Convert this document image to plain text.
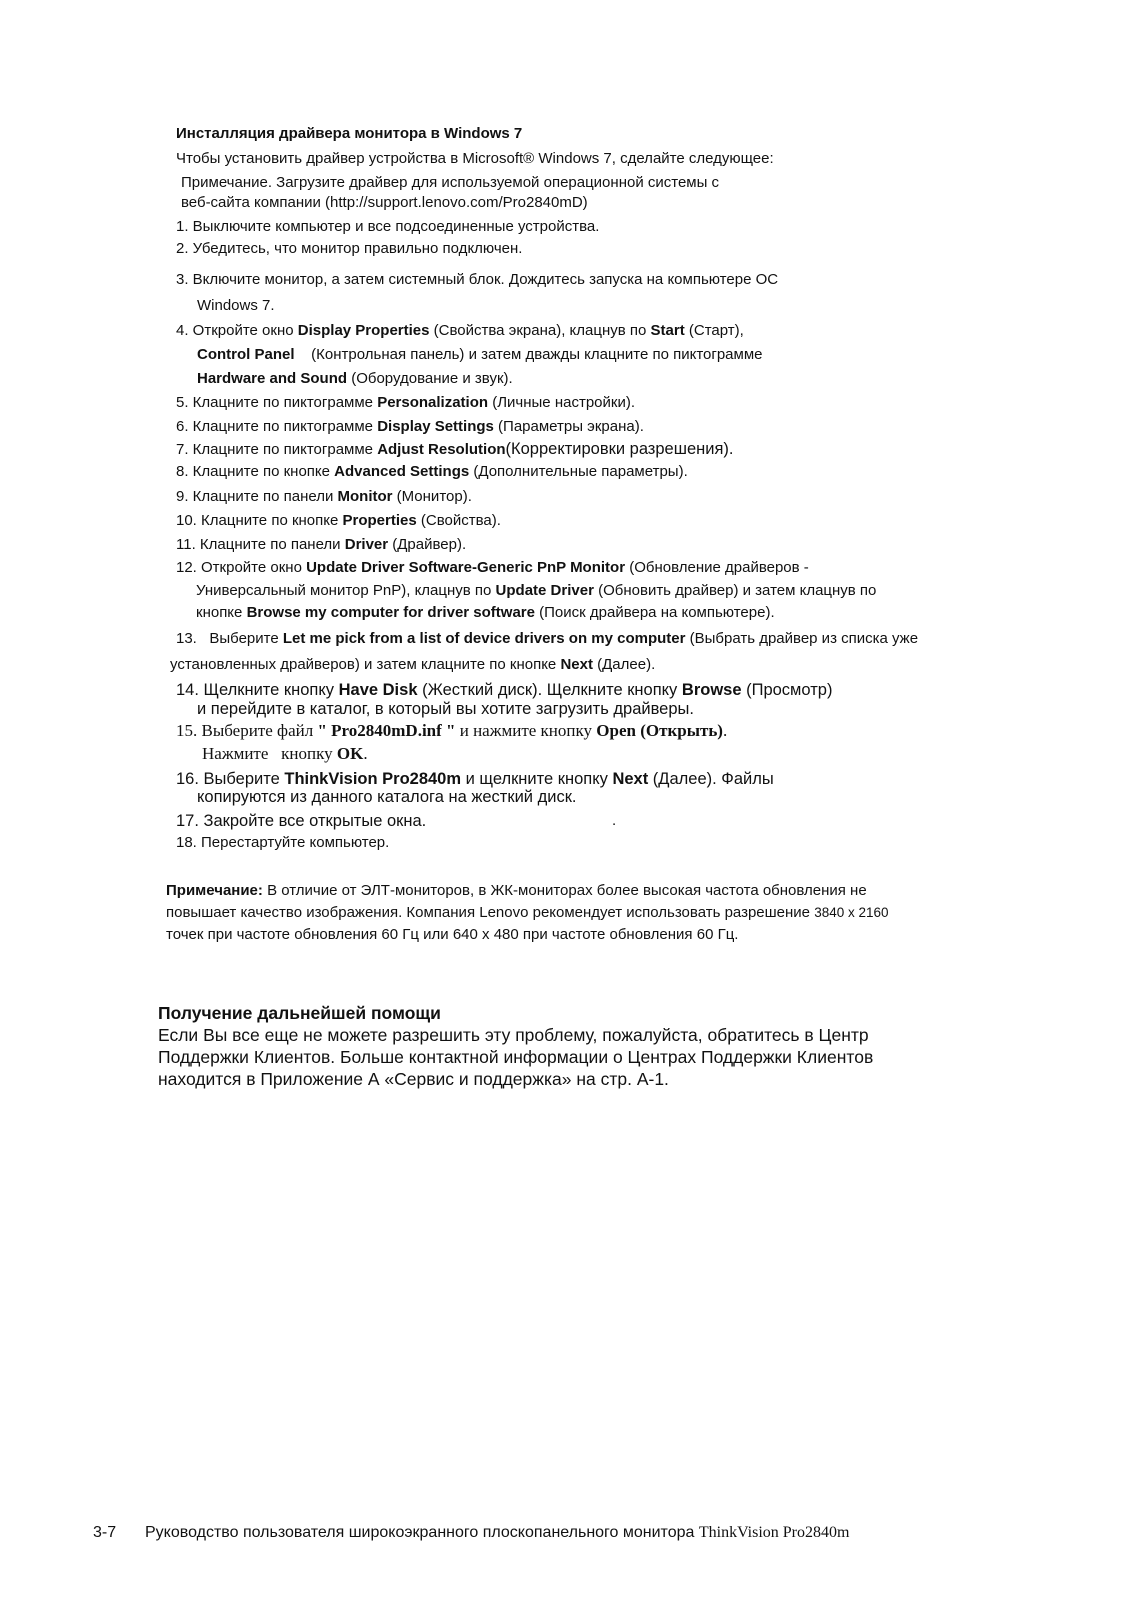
Инсталляция драйвера монитора в Windows 7
Чтобы установить драйвер устройства в Microsoft® Windows 7, сделайте следующее:
Примечание. Загрузите драйвер для используемой операционной системы с
веб-сайта компании (http://support.lenovo.com/Pro2840mD)
1. Выключите компьютер и все подсоединенные устройства.
2. Убедитесь, что монитор правильно подключен.
3. Включите монитор, а затем системный блок. Дождитесь запуска на компьютере ОС
Windows 7.
4. Откройте окно Display Properties (Свойства экрана), клацнув по Start (Старт),
Control Panel    (Контрольная панель) и затем дважды клацните по пиктограмме
Hardware and Sound (Оборудование и звук).
5. Клацните по пиктограмме Personalization (Личные настройки).
6. Клацните по пиктограмме Display Settings (Параметры экрана).
7. Клацните по пиктограмме Adjust Resolution(Корректировки разрешения).
8. Клацните по кнопке Advanced Settings (Дополнительные параметры).
9. Клацните по панели Monitor (Монитор).
10. Клацните по кнопке Properties (Свойства).
11. Клацните по панели Driver (Драйвер).
12. Откройте окно Update Driver Software-Generic PnP Monitor (Обновление драйверов -
Универсальный монитор PnP), клацнув по Update Driver (Обновить драйвер) и затем клацнув по
кнопке Browse my computer for driver software (Поиск драйвера на компьютере).
13.   Выберите Let me pick from a list of device drivers on my computer (Выбрать драйвер из списка уже
установленных драйверов) и затем клацните по кнопке Next (Далее).
14. Щелкните кнопку Have Disk (Жесткий диск). Щелкните кнопку Browse (Просмотр)
и перейдите в каталог, в который вы хотите загрузить драйверы.
15. Выберите файл " Pro2840mD.inf " и нажмите кнопку Open (Открыть).
Нажмите   кнопку OK.
16. Выберите ThinkVision Pro2840m и щелкните кнопку Next (Далее). Файлы
копируются из данного каталога на жесткий диск.
17. Закройте все открытые окна.	.
18. Перестартуйте компьютер.
Примечание: В отличие от ЭЛТ-мониторов, в ЖК-мониторах более высокая частота обновления не
повышает качество изображения. Компания Lenovo рекомендует использовать разрешение 3840 x 2160
точек при частоте обновления 60 Гц или 640 x 480 при частоте обновления 60 Гц.
Получение дальнейшей помощи
Если Вы все еще не можете разрешить эту проблему, пожалуйста, обратитесь в Центр
Поддержки Клиентов. Больше контактной информации о Центрах Поддержки Клиентов
находится в Приложение А «Сервис и поддержка» на стр. А-1.
3-7 Руководство пользователя широкоэкранного плоскопанельного монитора ThinkVision Pro2840m
